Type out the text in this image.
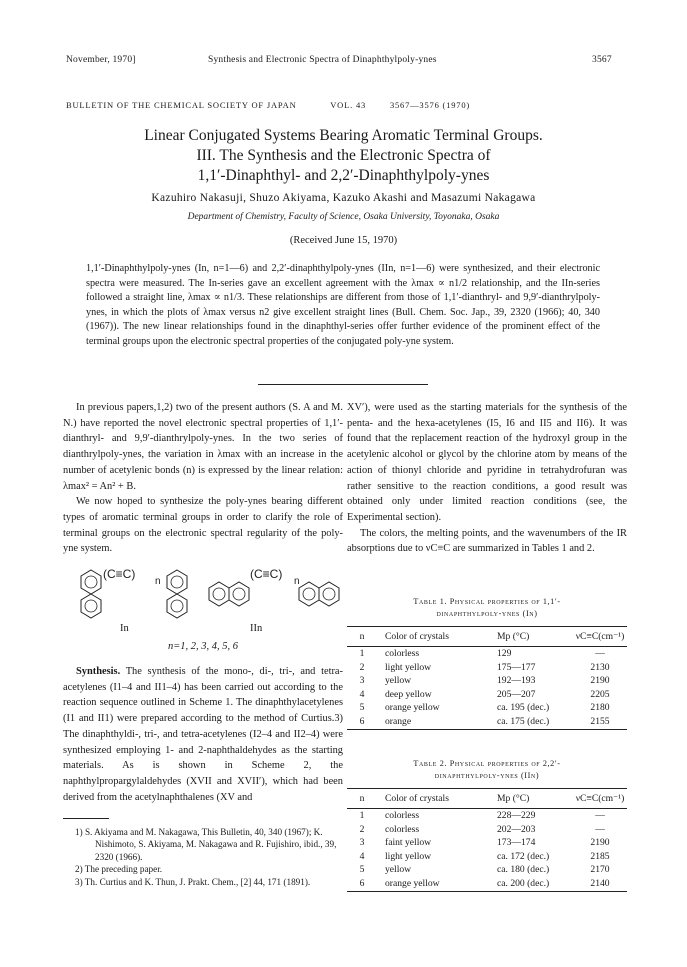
November, 1970]	Synthesis and Electronic Spectra of Dinaphthylpoly-ynes	3567
BULLETIN OF THE CHEMICAL SOCIETY OF JAPAN	VOL. 43	3567—3576 (1970)
Linear Conjugated Systems Bearing Aromatic Terminal Groups.
III. The Synthesis and the Electronic Spectra of
1,1′-Dinaphthyl- and 2,2′-Dinaphthylpoly-ynes
Kazuhiro Nakasuji, Shuzo Akiyama, Kazuko Akashi and Masazumi Nakagawa
Department of Chemistry, Faculty of Science, Osaka University, Toyonaka, Osaka
(Received June 15, 1970)
1,1′-Dinaphthylpoly-ynes (In, n=1—6) and 2,2′-dinaphthylpoly-ynes (IIn, n=1—6) were synthesized, and their electronic spectra were measured. The In-series gave an excellent agreement with the λmax ∝ n1/2 relationship, and the IIn-series followed a straight line, λmax ∝ n1/3. These relationships are different from those of 1,1′-dianthryl- and 9,9′-dianthrylpoly-ynes, in which the plots of λmax versus n2 give excellent straight lines (Bull. Chem. Soc. Jap., 39, 2320 (1966); 40, 340 (1967)). The new linear relationships found in the dinaphthyl-series offer further evidence of the prominent effect of the terminal groups upon the electronic spectral properties of the conjugated poly-yne system.

In previous papers,1,2) two of the present authors (S. A and M. N.) have reported the novel electronic spectral properties of 1,1′-dianthryl- and 9,9′-dianthrylpoly-ynes. In the two series of dianthrylpoly-ynes, the variation in λmax with an increase in the number of acetylenic bonds (n) is expressed by the linear relation: λmax² = An² + B.

We now hoped to synthesize the poly-ynes bearing different types of aromatic terminal groups in order to clarify the role of terminal groups on the electronic spectral regularity of the poly-yne system.

(C≡C)
n
(C≡C)
n
In	IIn
n=1, 2, 3, 4, 5, 6

Synthesis. The synthesis of the mono-, di-, tri-, and tetra-acetylenes (I1–4 and II1–4) has been carried out according to the reaction sequence outlined in Scheme 1. The dinaphthylacetylenes (I1 and II1) were prepared according to the method of Curtius.3) The dinaphthyldi-, tri-, and tetra-acetylenes (I2–4 and II2–4) were synthesized employing 1- and 2-naphthaldehydes as the starting materials. As is shown in Scheme 2, the naphthylpropargylaldehydes (XVII and XVII′), which had been derived from the acetylnaphthalenes (XV and

1) S. Akiyama and M. Nakagawa, This Bulletin, 40, 340 (1967); K. Nishimoto, S. Akiyama, M. Nakagawa and R. Fujishiro, ibid., 39, 2320 (1966).
2) The preceding paper.
3) Th. Curtius and K. Thun, J. Prakt. Chem., [2] 44, 171 (1891).

XV′), were used as the starting materials for the synthesis of the penta- and the hexa-acetylenes (I5, I6 and II5 and II6). It was found that the replacement reaction of the hydroxyl group in the acetylenic alcohol or glycol by the chlorine atom by means of the action of thionyl chloride and pyridine in tetrahydrofuran was rather sensitive to the reaction conditions, a good result was obtained only under limited reaction conditions (see, the Experimental section).

The colors, the melting points, and the wavenumbers of the IR absorptions due to νC≡C are summarized in Tables 1 and 2.

Table 1. Physical properties of 1,1′-
dinaphthylpoly-ynes (In)
n	Color of crystals	Mp (°C)	νC≡C(cm⁻¹)
1	colorless	129	—
2	light yellow	175—177	2130
3	yellow	192—193	2190
4	deep yellow	205—207	2205
5	orange yellow	ca. 195 (dec.)	2180
6	orange	ca. 175 (dec.)	2155
Table 2. Physical properties of 2,2′-
dinaphthylpoly-ynes (IIn)
n	Color of crystals	Mp (°C)	νC≡C(cm⁻¹)
1	colorless	228—229	—
2	colorless	202—203	—
3	faint yellow	173—174	2190
4	light yellow	ca. 172 (dec.)	2185
5	yellow	ca. 180 (dec.)	2170
6	orange yellow	ca. 200 (dec.)	2140
